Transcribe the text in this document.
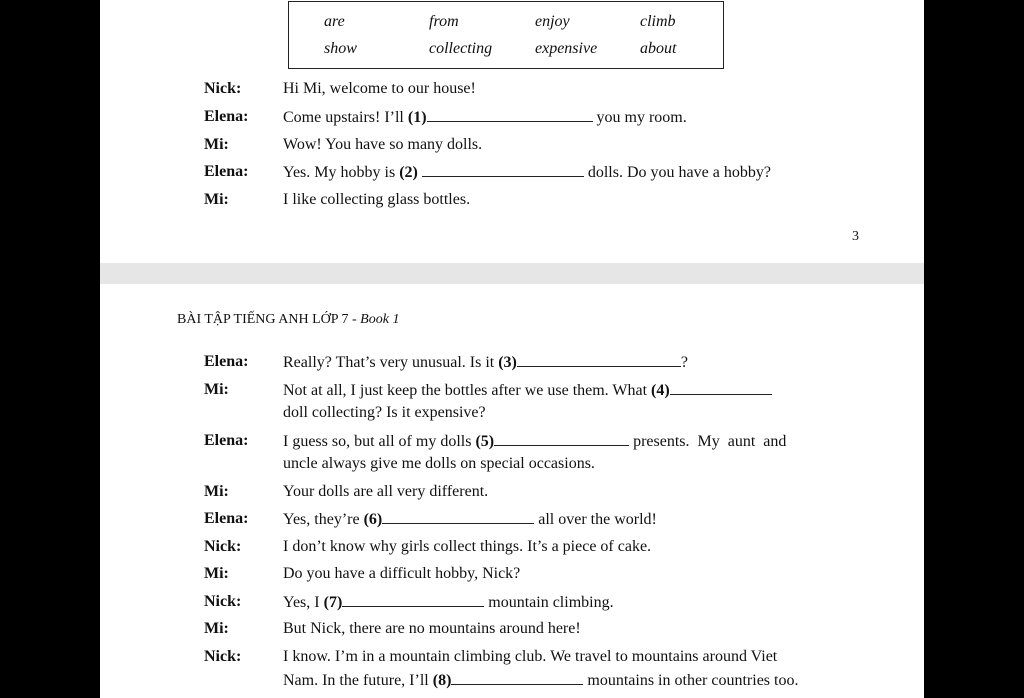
are	from	enjoy	climb
show	collecting	expensive	about
Nick:	Hi Mi, welcome to our house!
Elena: Come upstairs! I’ll (1)	you my room.
Mi:	Wow! You have so many dolls.
Elena: Yes. My hobby is (2)	dolls. Do you have a hobby?
Mi:	I like collecting glass bottles.
3
BÀI TẬP TIẾNG ANH LỚP 7 - Book 1
Elena: Really? That’s very unusual. Is it (3)	?
Mi:	Not at all, I just keep the bottles after we use them. What (4)
doll collecting? Is it expensive?
Elena: I guess so, but all of my dolls (5)	presents.  My  aunt  and
uncle always give me dolls on special occasions.
Mi:	Your dolls are all very different.
Elena: Yes, they’re (6)	all over the world!
Nick:	I don’t know why girls collect things. It’s a piece of cake.
Mi:	Do you have a difficult hobby, Nick?
Nick:	Yes, I (7)	mountain climbing.
Mi:	But Nick, there are no mountains around here!
Nick:	I know. I’m in a mountain climbing club. We travel to mountains around Viet
Nam. In the future, I’ll (8)	mountains in other countries too.
